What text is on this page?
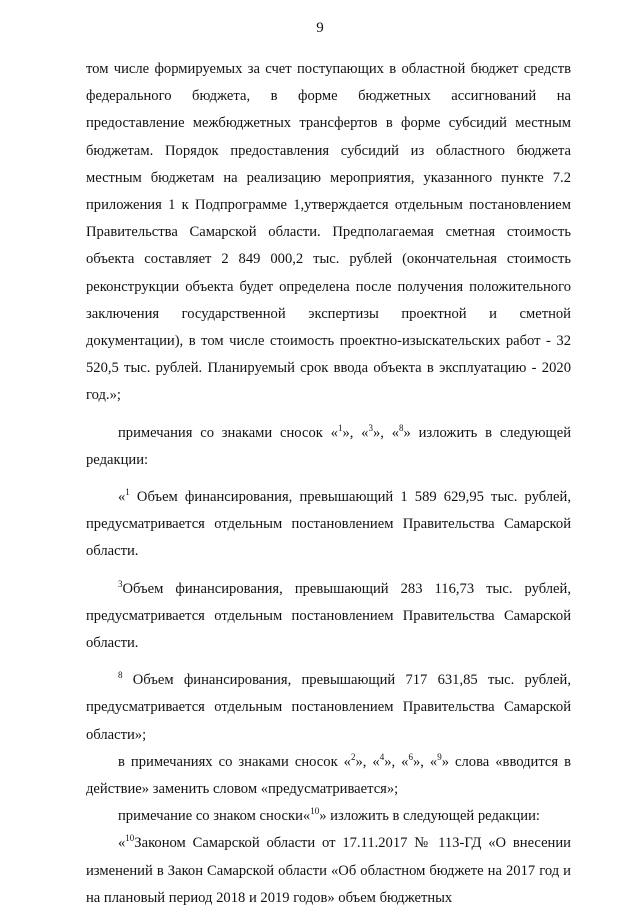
9

том числе формируемых за счет поступающих в областной бюджет средств федерального бюджета, в форме бюджетных ассигнований на предоставление межбюджетных трансфертов в форме субсидий местным бюджетам. Порядок предоставления субсидий из областного бюджета местным бюджетам на реализацию мероприятия, указанного пункте 7.2 приложения 1 к Подпрограмме 1,утверждается отдельным постановлением Правительства Самарской области. Предполагаемая сметная стоимость объекта составляет 2 849 000,2 тыс. рублей (окончательная стоимость реконструкции объекта будет определена после получения положительного заключения государственной экспертизы проектной и сметной документации), в том числе стоимость проектно-изыскательских работ - 32 520,5 тыс. рублей. Планируемый срок ввода объекта в эксплуатацию - 2020 год.»;

примечания со знаками сносок «$^1$», «$^3$», «$^8$» изложить в следующей редакции:

«$^1$ Объем финансирования, превышающий 1 589 629,95 тыс. рублей, предусматривается отдельным постановлением Правительства Самарской области.

$^3$Объем финансирования, превышающий 283 116,73 тыс. рублей, предусматривается отдельным постановлением Правительства Самарской области.

$^8$ Объем финансирования, превышающий 717 631,85 тыс. рублей, предусматривается отдельным постановлением Правительства Самарской области»;

в примечаниях со знаками сносок «$^2$», «$^4$», «$^6$», «$^9$» слова «вводится в действие» заменить словом «предусматривается»;

примечание со знаком сноски«$^{10}$» изложить в следующей редакции:

«$^{10}$Законом Самарской области от 17.11.2017 № 113-ГД «О внесении изменений в Закон Самарской области «Об областном бюджете на 2017 год и на плановый период 2018 и 2019 годов» объем бюджетных
